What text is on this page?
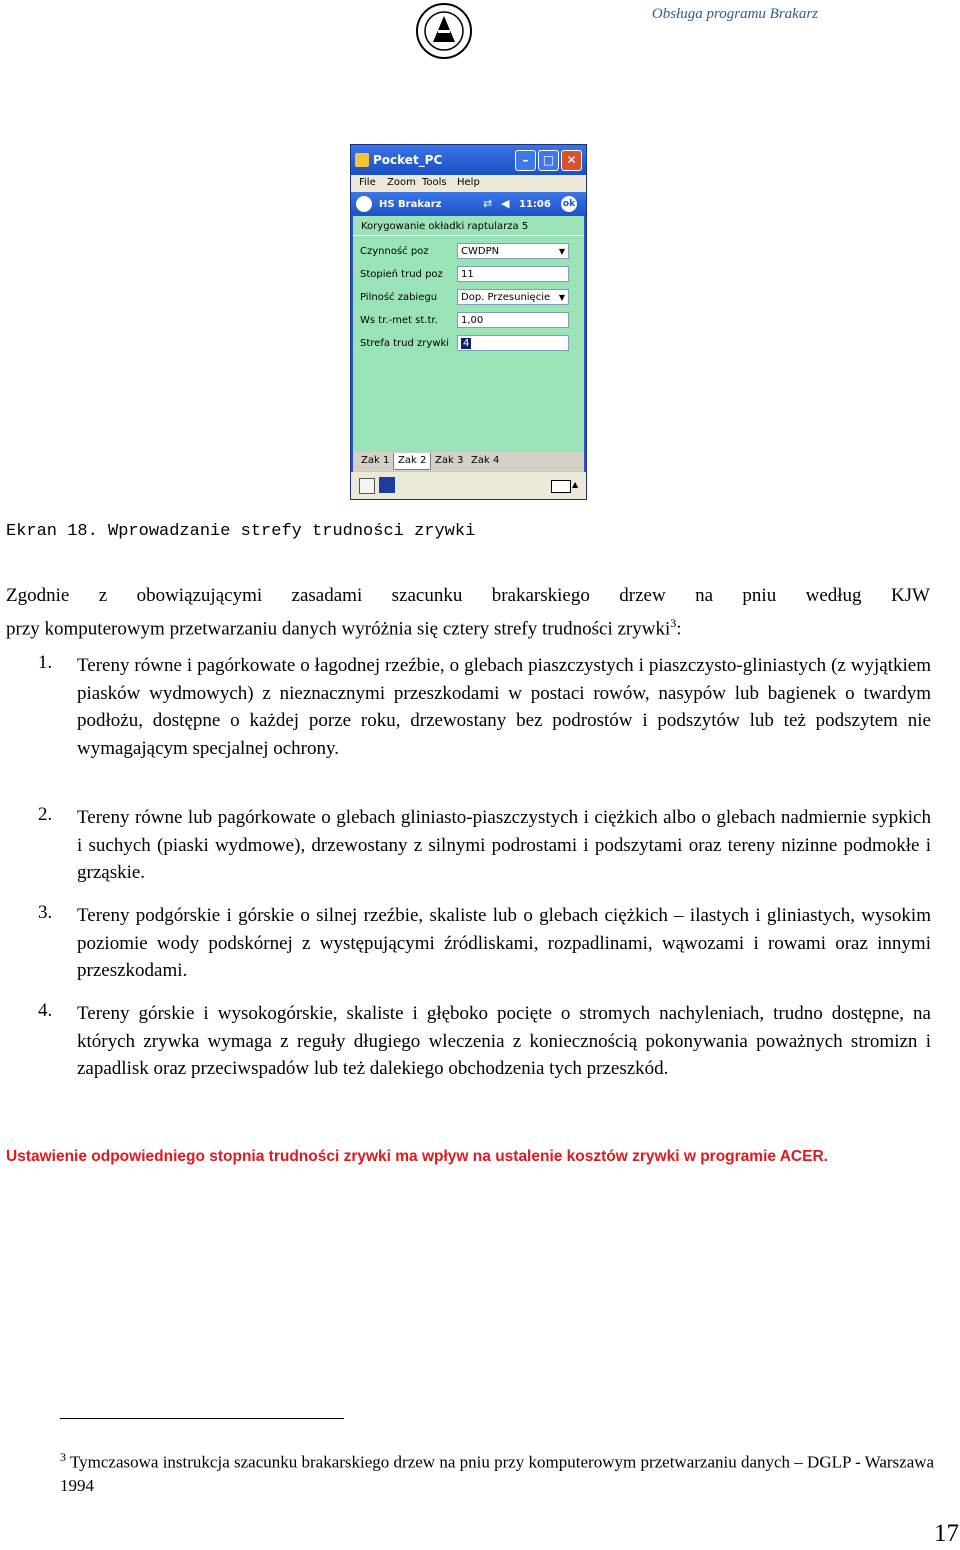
Obsługa programu Brakarz
Pocket_PC	–	□	✕
File Zoom Tools Help
HS Brakarz	⇄ ◀ 11:06 ok
Korygowanie okładki raptularza 5
Czynność poz	CWDPN	▼
Stopień trud poz	11
Pilność zabiegu	Dop. Przesunięcie ▼
Ws tr.-met st.tr.	1,00
Strefa trud zrywki	4
Zak 1 Zak 2 Zak 3 Zak 4
▲
Ekran 18. Wprowadzanie strefy trudności zrywki

Zgodnie z obowiązującymi zasadami szacunku brakarskiego drzew na pniu według KJW

przy komputerowym przetwarzaniu danych wyróżnia się cztery strefy trudności zrywki$^3$:

1. Tereny równe i pagórkowate o łagodnej rzeźbie, o glebach piaszczystych i piaszczysto-gliniastych (z wyjątkiem piasków wydmowych) z nieznacznymi przeszkodami w postaci rowów, nasypów lub bagienek o twardym podłożu, dostępne o każdej porze roku, drzewostany bez podrostów i podszytów lub też podszytem nie wymagającym specjalnej ochrony.
2. Tereny równe lub pagórkowate o glebach gliniasto-piaszczystych i ciężkich albo o glebach nadmiernie sypkich i suchych (piaski wydmowe), drzewostany z silnymi podrostami i podszytami oraz tereny nizinne podmokłe i grząskie.
3. Tereny podgórskie i górskie o silnej rzeźbie, skaliste lub o glebach ciężkich – ilastych i gliniastych, wysokim poziomie wody podskórnej z występującymi źródliskami, rozpadlinami, wąwozami i rowami oraz innymi przeszkodami.
4. Tereny górskie i wysokogórskie, skaliste i głęboko pocięte o stromych nachyleniach, trudno dostępne, na których zrywka wymaga z reguły długiego wleczenia z koniecznością pokonywania poważnych stromizn i zapadlisk oraz przeciwspadów lub też dalekiego obchodzenia tych przeszkód.
Ustawienie odpowiedniego stopnia trudności zrywki ma wpływ na ustalenie kosztów zrywki w programie ACER.
$^3$ Tymczasowa instrukcja szacunku brakarskiego drzew na pniu przy komputerowym przetwarzaniu danych – DGLP - Warszawa 1994
17
